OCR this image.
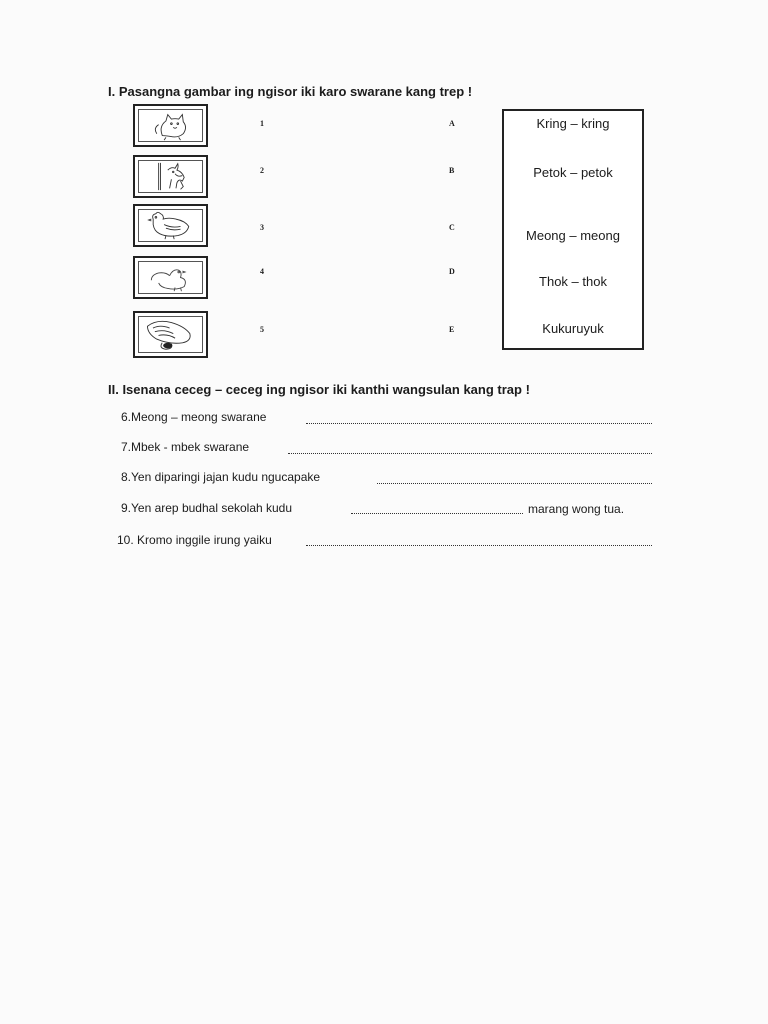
I. Pasangna gambar ing ngisor iki karo swarane kang trep !
1
2
3
4
5
A
B
C
D
E
Kring – kring
Petok – petok
Meong – meong
Thok – thok
Kukuruyuk
II. Isenana ceceg – ceceg ing ngisor iki kanthi wangsulan kang trap !
6.Meong – meong swarane
7.Mbek - mbek swarane
8.Yen diparingi jajan kudu ngucapake
9.Yen arep budhal sekolah kudu	marang wong tua.
10. Kromo inggile irung yaiku
